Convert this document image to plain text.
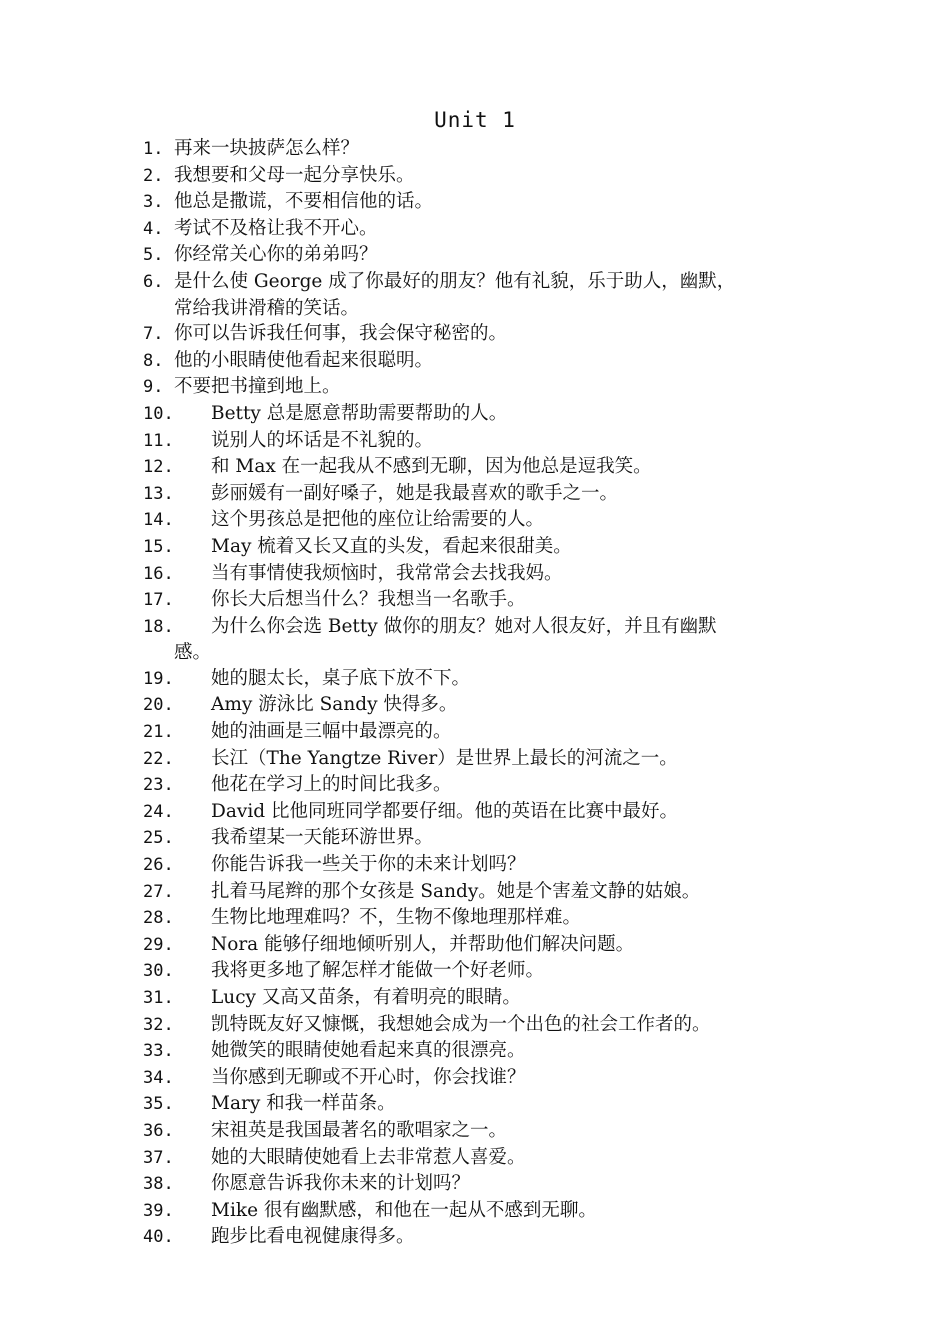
Unit 1
1. 再来一块披萨怎么样？
2. 我想要和父母一起分享快乐。
3. 他总是撒谎，不要相信他的话。
4. 考试不及格让我不开心。
5. 你经常关心你的弟弟吗？
6. 是什么使 George 成了你最好的朋友？他有礼貌，乐于助人，幽默，
常给我讲滑稽的笑话。
7. 你可以告诉我任何事，我会保守秘密的。
8. 他的小眼睛使他看起来很聪明。
9. 不要把书撞到地上。
10. Betty 总是愿意帮助需要帮助的人。
11. 说别人的坏话是不礼貌的。
12. 和 Max 在一起我从不感到无聊，因为他总是逗我笑。
13. 彭丽媛有一副好嗓子，她是我最喜欢的歌手之一。
14. 这个男孩总是把他的座位让给需要的人。
15. May 梳着又长又直的头发，看起来很甜美。
16. 当有事情使我烦恼时，我常常会去找我妈。
17. 你长大后想当什么？我想当一名歌手。
18. 为什么你会选 Betty 做你的朋友？她对人很友好，并且有幽默
感。
19. 她的腿太长，桌子底下放不下。
20. Amy 游泳比 Sandy 快得多。
21. 她的油画是三幅中最漂亮的。
22. 长江（The Yangtze River）是世界上最长的河流之一。
23. 他花在学习上的时间比我多。
24. David 比他同班同学都要仔细。他的英语在比赛中最好。
25. 我希望某一天能环游世界。
26. 你能告诉我一些关于你的未来计划吗？
27. 扎着马尾辫的那个女孩是 Sandy。她是个害羞文静的姑娘。
28. 生物比地理难吗？不，生物不像地理那样难。
29. Nora 能够仔细地倾听别人，并帮助他们解决问题。
30. 我将更多地了解怎样才能做一个好老师。
31. Lucy 又高又苗条，有着明亮的眼睛。
32. 凯特既友好又慷慨，我想她会成为一个出色的社会工作者的。
33. 她微笑的眼睛使她看起来真的很漂亮。
34. 当你感到无聊或不开心时，你会找谁？
35. Mary 和我一样苗条。
36. 宋祖英是我国最著名的歌唱家之一。
37. 她的大眼睛使她看上去非常惹人喜爱。
38. 你愿意告诉我你未来的计划吗？
39. Mike 很有幽默感，和他在一起从不感到无聊。
40. 跑步比看电视健康得多。
